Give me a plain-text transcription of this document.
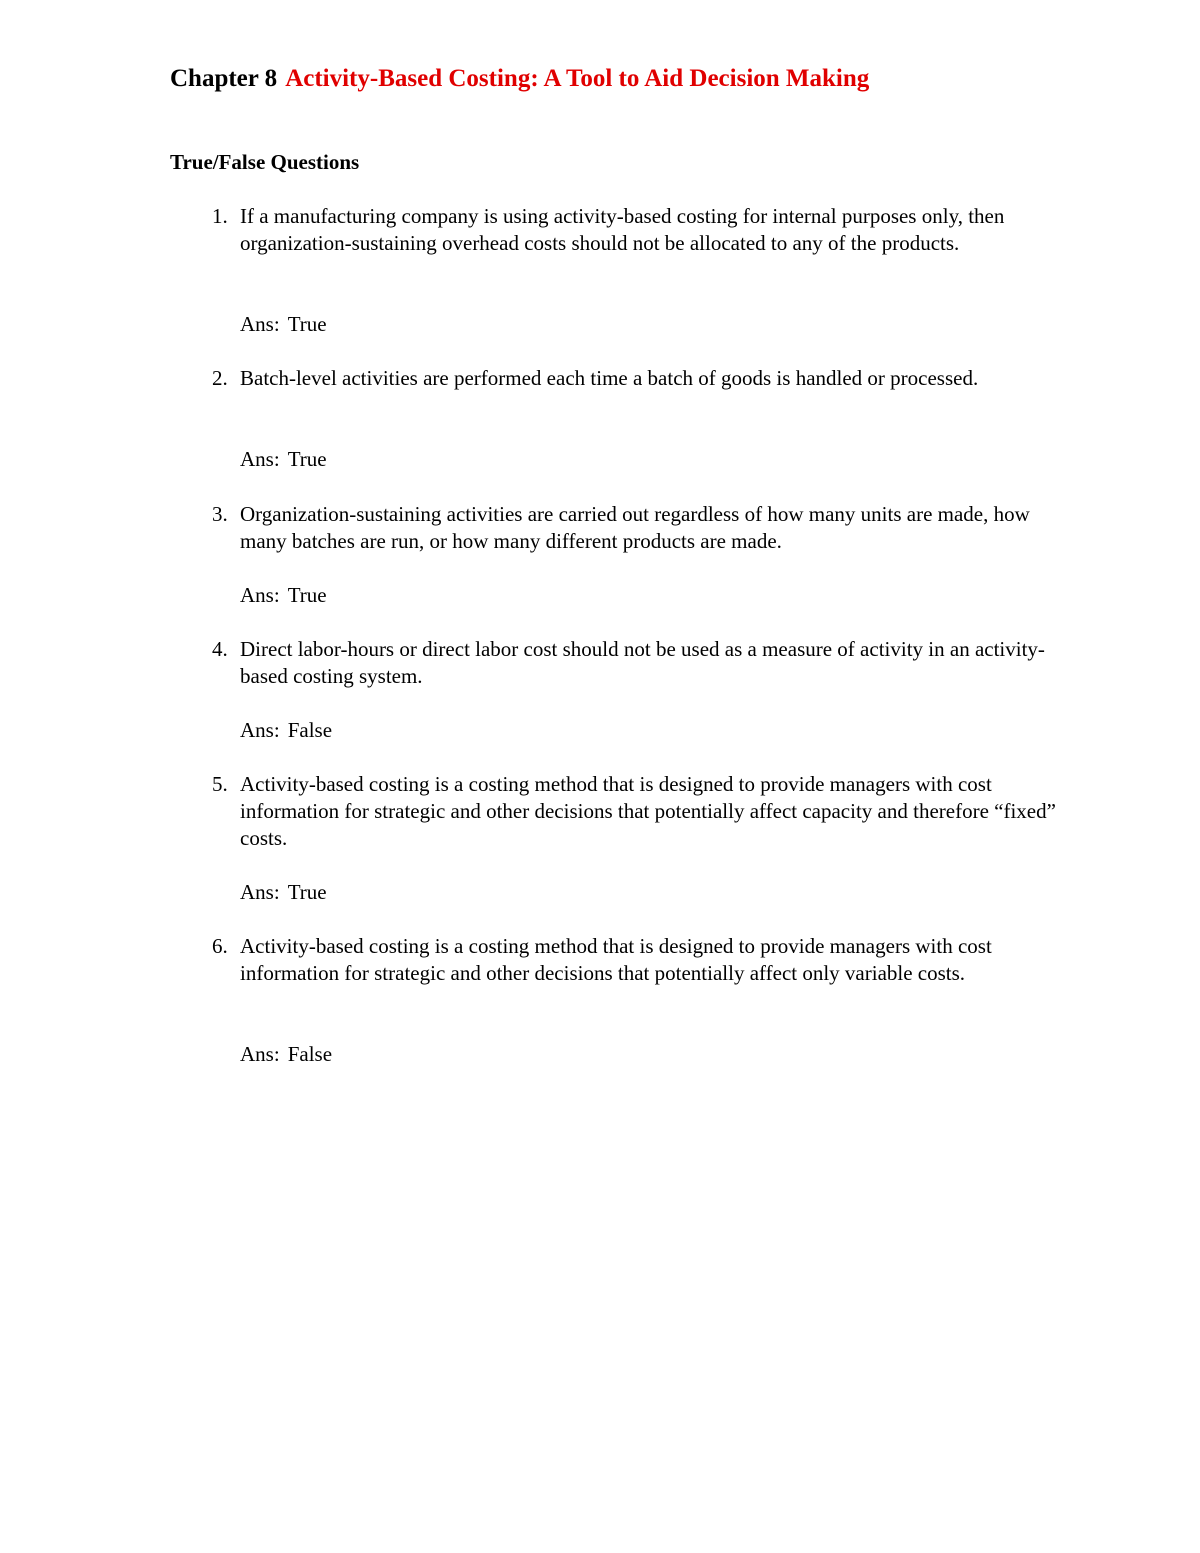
Chapter 8 Activity-Based Costing: A Tool to Aid Decision Making
True/False Questions
1. If a manufacturing company is using activity-based costing for internal purposes only, then organization-sustaining overhead costs should not be allocated to any of the products.

Ans: True

2. Batch-level activities are performed each time a batch of goods is handled or processed.

Ans: True

3. Organization-sustaining activities are carried out regardless of how many units are made, how many batches are run, or how many different products are made.

Ans: True

4. Direct labor-hours or direct labor cost should not be used as a measure of activity in an activity-based costing system.

Ans: False

5. Activity-based costing is a costing method that is designed to provide managers with cost information for strategic and other decisions that potentially affect capacity and therefore “fixed” costs.

Ans: True

6. Activity-based costing is a costing method that is designed to provide managers with cost information for strategic and other decisions that potentially affect only variable costs.

Ans: False
